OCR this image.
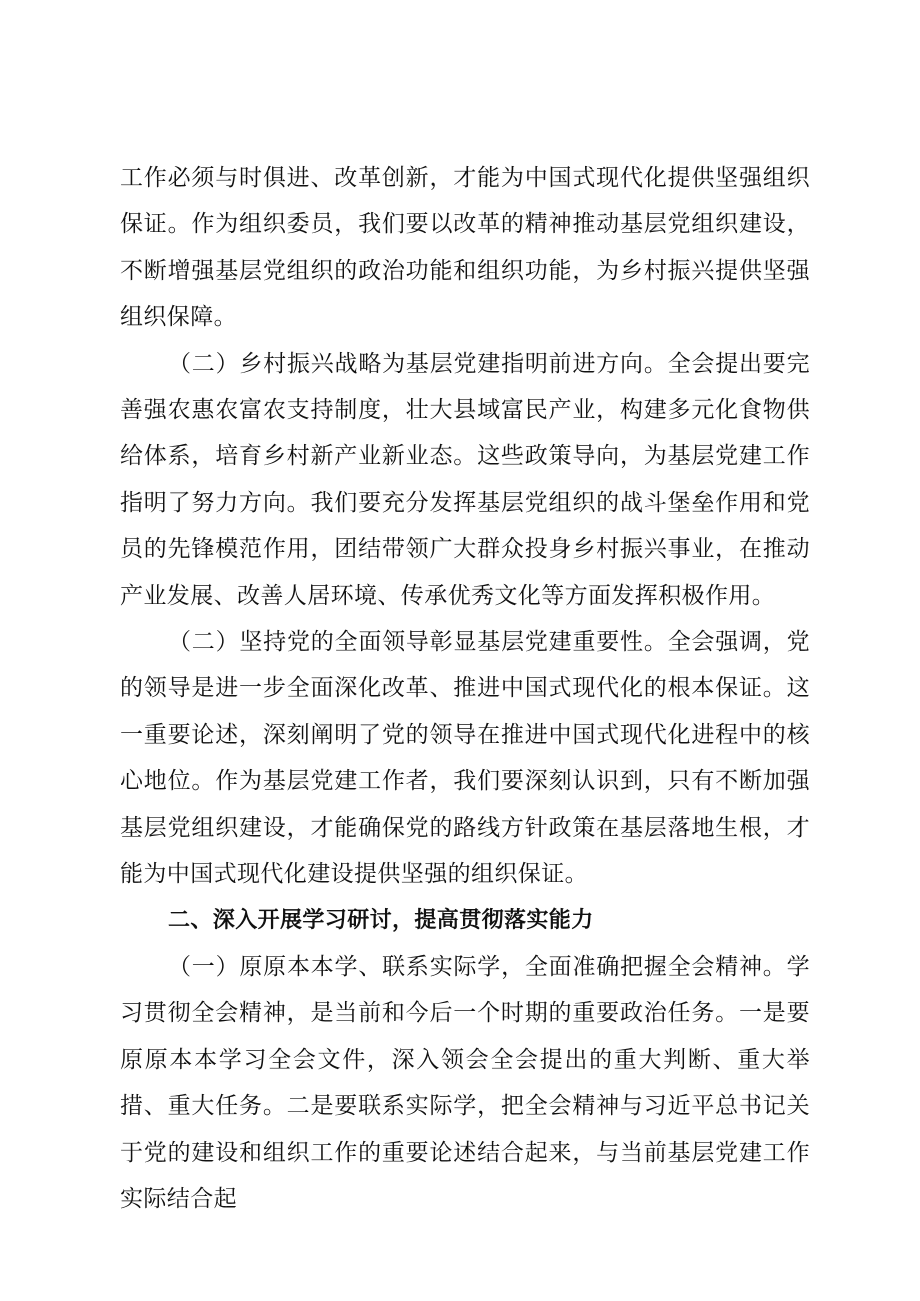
工作必须与时俱进、改革创新，才能为中国式现代化提供坚强组织保证。作为组织委员，我们要以改革的精神推动基层党组织建设，不断增强基层党组织的政治功能和组织功能，为乡村振兴提供坚强组织保障。

（二）乡村振兴战略为基层党建指明前进方向。全会提出要完善强农惠农富农支持制度，壮大县域富民产业，构建多元化食物供给体系，培育乡村新产业新业态。这些政策导向，为基层党建工作指明了努力方向。我们要充分发挥基层党组织的战斗堡垒作用和党员的先锋模范作用，团结带领广大群众投身乡村振兴事业，在推动产业发展、改善人居环境、传承优秀文化等方面发挥积极作用。

（二）坚持党的全面领导彰显基层党建重要性。全会强调，党的领导是进一步全面深化改革、推进中国式现代化的根本保证。这一重要论述，深刻阐明了党的领导在推进中国式现代化进程中的核心地位。作为基层党建工作者，我们要深刻认识到，只有不断加强基层党组织建设，才能确保党的路线方针政策在基层落地生根，才能为中国式现代化建设提供坚强的组织保证。

二、深入开展学习研讨，提高贯彻落实能力

（一）原原本本学、联系实际学，全面准确把握全会精神。学习贯彻全会精神，是当前和今后一个时期的重要政治任务。一是要原原本本学习全会文件，深入领会全会提出的重大判断、重大举措、重大任务。二是要联系实际学，把全会精神与习近平总书记关于党的建设和组织工作的重要论述结合起来，与当前基层党建工作实际结合起
